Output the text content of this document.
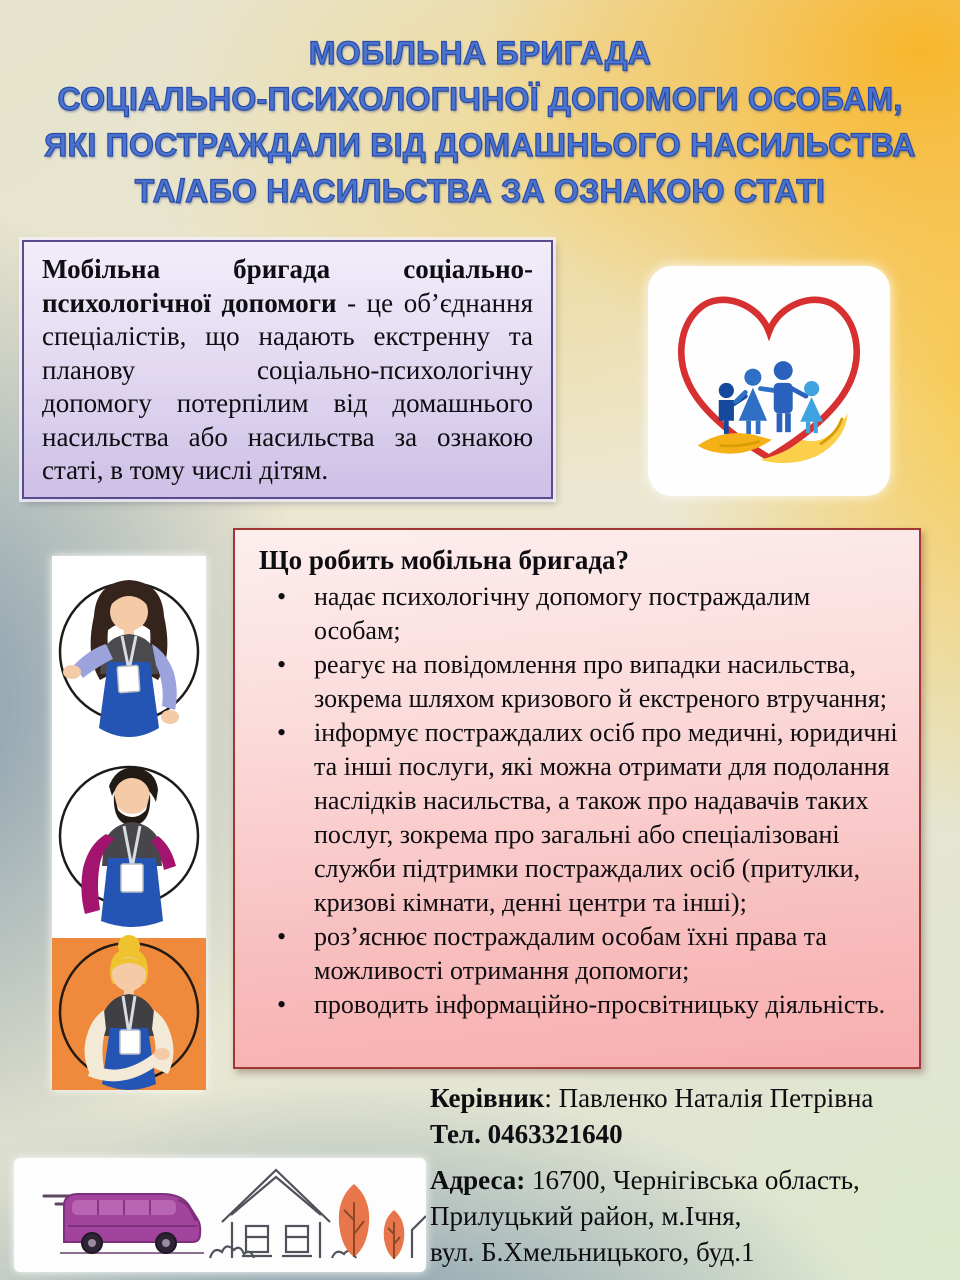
МОБІЛЬНА БРИГАДА
СОЦІАЛЬНО-ПСИХОЛОГІЧНОЇ ДОПОМОГИ ОСОБАМ,
ЯКІ ПОСТРАЖДАЛИ ВІД ДОМАШНЬОГО НАСИЛЬСТВА
ТА/АБО НАСИЛЬСТВА ЗА ОЗНАКОЮ СТАТІ
Мобільна бригада соціально-психологічної допомоги - це об’єднання спеціалістів, що надають екстренну та планову соціально-психологічну допомогу потерпілим від домашнього насильства або насильства за ознакою статі, в тому числі дітям.
Що робить мобільна бригада?
• надає психологічну допомогу постраждалим особам;
• реагує на повідомлення про випадки насильства, зокрема шляхом кризового й екстреного втручання;
• інформує постраждалих осіб про медичні, юридичні та інші послуги, які можна отримати для подолання наслідків насильства, а також про надавачів таких послуг, зокрема про загальні або спеціалізовані служби підтримки постраждалих осіб (притулки, кризові кімнати, денні центри та інші);
• роз’яснює постраждалим особам їхні права та можливості отримання допомоги;
• проводить інформаційно-просвітницьку діяльність.
Керівник: Павленко Наталія Петрівна
Тел. 0463321640
Адреса: 16700, Чернігівська область,
Прилуцький район, м.Ічня,
вул. Б.Хмельницького, буд.1
